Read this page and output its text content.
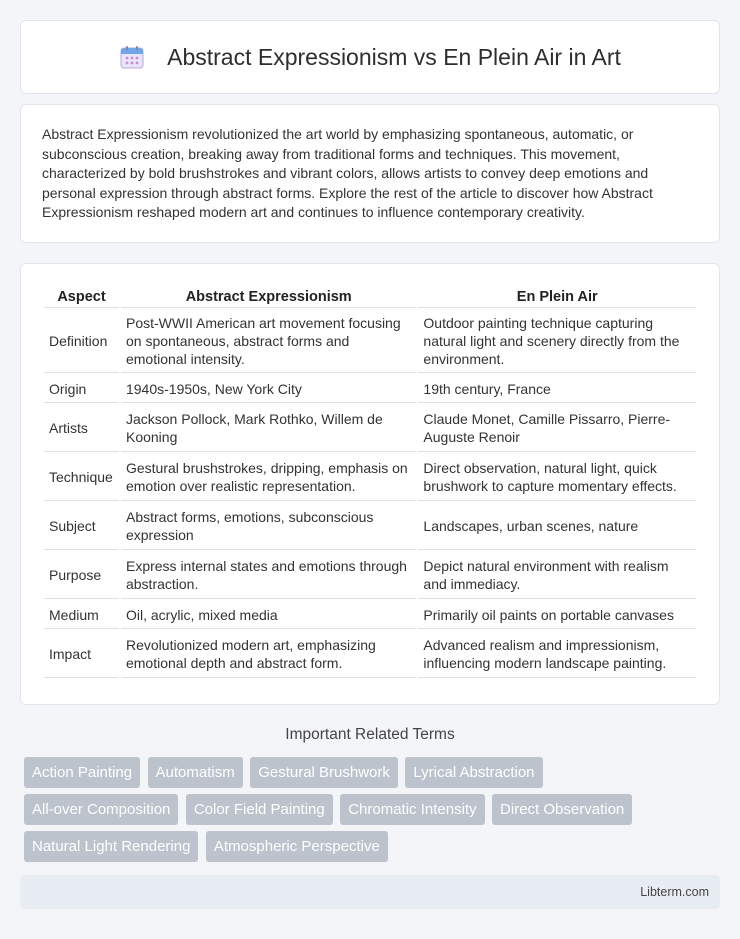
Abstract Expressionism vs En Plein Air in Art

Abstract Expressionism revolutionized the art world by emphasizing spontaneous, automatic, or subconscious creation, breaking away from traditional forms and techniques. This movement, characterized by bold brushstrokes and vibrant colors, allows artists to convey deep emotions and personal expression through abstract forms. Explore the rest of the article to discover how Abstract Expressionism reshaped modern art and continues to influence contemporary creativity.

Aspect	Abstract Expressionism	En Plein Air
Definition	Post-WWII American art movement focusing on spontaneous, abstract forms and emotional intensity.	Outdoor painting technique capturing natural light and scenery directly from the environment.
Origin	1940s-1950s, New York City	19th century, France
Artists	Jackson Pollock, Mark Rothko, Willem de Kooning	Claude Monet, Camille Pissarro, Pierre-Auguste Renoir
Technique	Gestural brushstrokes, dripping, emphasis on emotion over realistic representation.	Direct observation, natural light, quick brushwork to capture momentary effects.
Subject	Abstract forms, emotions, subconscious expression	Landscapes, urban scenes, nature
Purpose	Express internal states and emotions through abstraction.	Depict natural environment with realism and immediacy.
Medium	Oil, acrylic, mixed media	Primarily oil paints on portable canvases
Impact	Revolutionized modern art, emphasizing emotional depth and abstract form.	Advanced realism and impressionism, influencing modern landscape painting.
Important Related Terms
Action Painting Automatism Gestural Brushwork Lyrical Abstraction
All-over Composition Color Field Painting Chromatic Intensity Direct Observation
Natural Light Rendering Atmospheric Perspective
Libterm.com
